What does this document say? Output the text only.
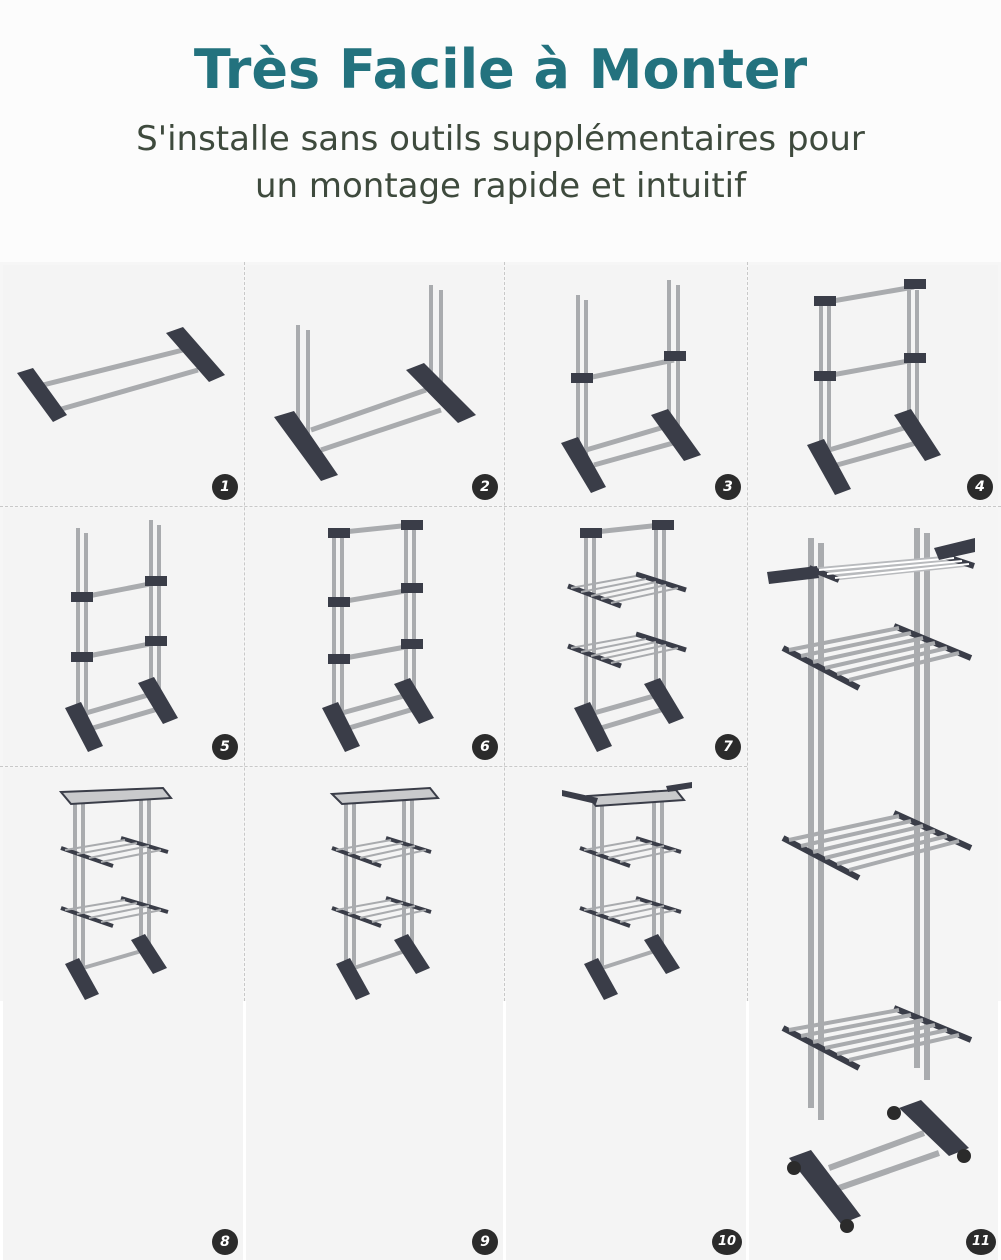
Très Facile à Monter
S'installe sans outils supplémentaires pour
un montage rapide et intuitif
1	2	3	4
5	6	7
8	9	10	11
